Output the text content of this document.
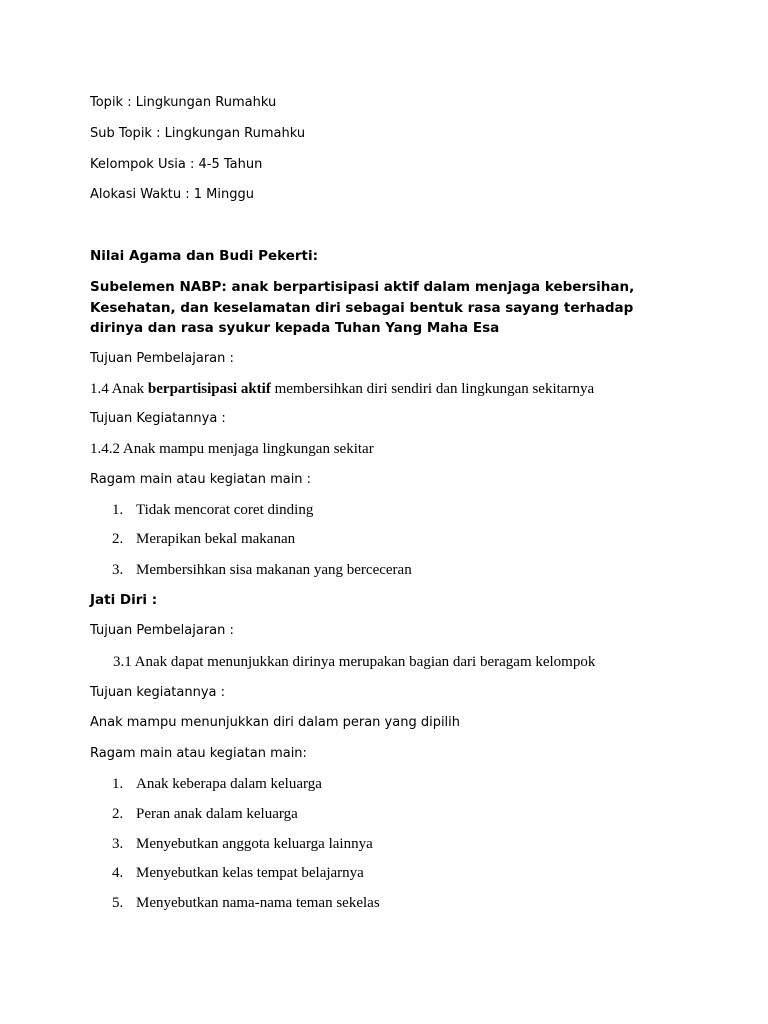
Topik : Lingkungan Rumahku
Sub Topik : Lingkungan Rumahku
Kelompok Usia : 4-5 Tahun
Alokasi Waktu : 1 Minggu
Nilai Agama dan Budi Pekerti:
Subelemen NABP: anak berpartisipasi aktif dalam menjaga kebersihan, Kesehatan, dan keselamatan diri sebagai bentuk rasa sayang terhadap dirinya dan rasa syukur kepada Tuhan Yang Maha Esa
Tujuan Pembelajaran :
1.4 Anak berpartisipasi aktif membersihkan diri sendiri dan lingkungan sekitarnya
Tujuan Kegiatannya :
1.4.2 Anak mampu menjaga lingkungan sekitar
Ragam main atau kegiatan main :
1. Tidak mencorat coret dinding
2. Merapikan bekal makanan
3. Membersihkan sisa makanan yang berceceran
Jati Diri :
Tujuan Pembelajaran :
3.1 Anak dapat menunjukkan dirinya merupakan bagian dari beragam kelompok
Tujuan kegiatannya :
Anak mampu menunjukkan diri dalam peran yang dipilih
Ragam main atau kegiatan main:
1. Anak keberapa dalam keluarga
2. Peran anak dalam keluarga
3. Menyebutkan anggota keluarga lainnya
4. Menyebutkan kelas tempat belajarnya
5. Menyebutkan nama-nama teman sekelas
